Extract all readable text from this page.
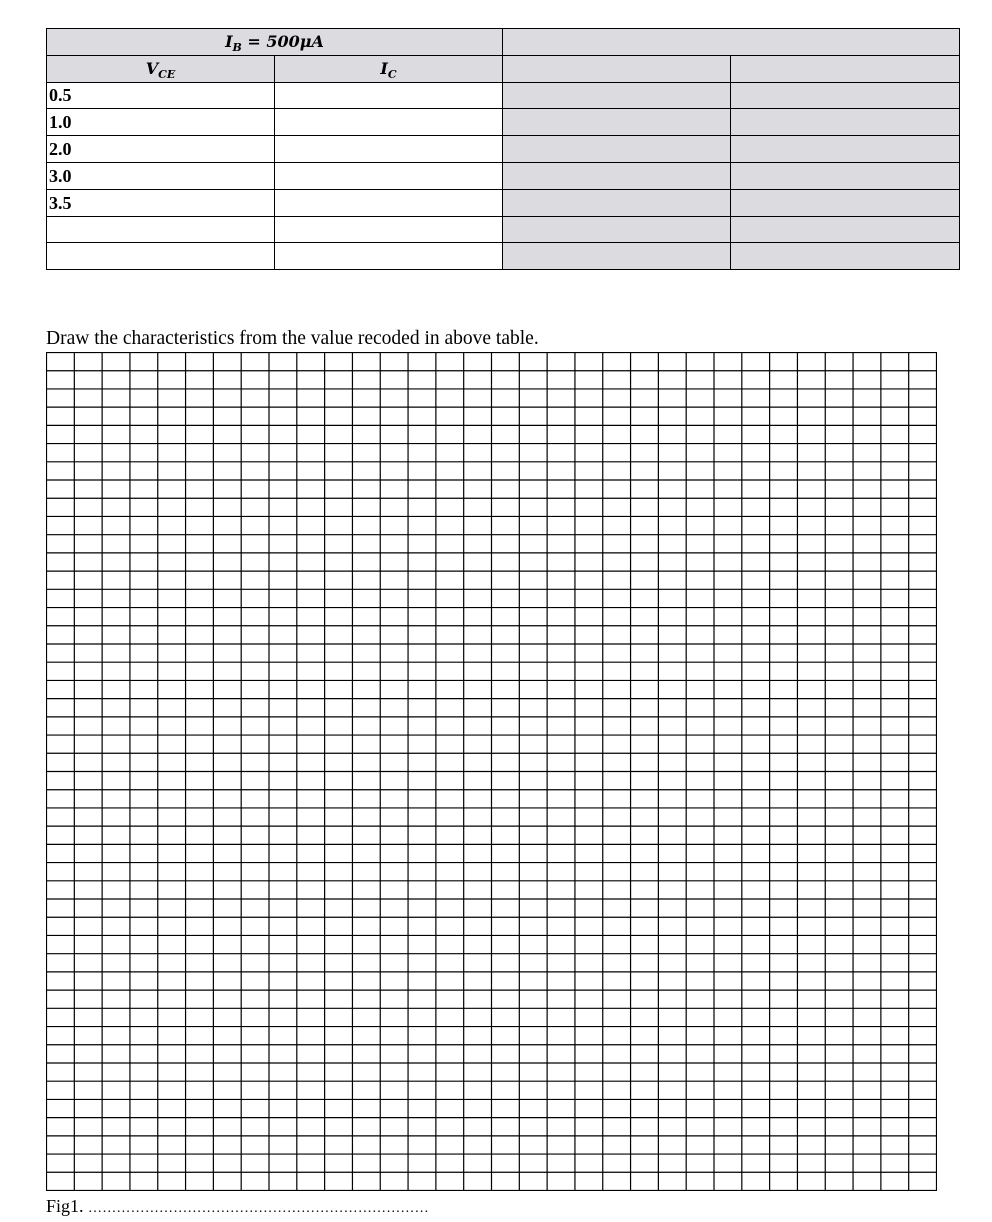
$I_B = 500\mu A$			
$V_{CE}$	$I_C$		
0.5			
1.0			
2.0			
3.0			
3.5			

Draw the characteristics from the value recoded in above table.
Fig1. ………………………………………………………………
